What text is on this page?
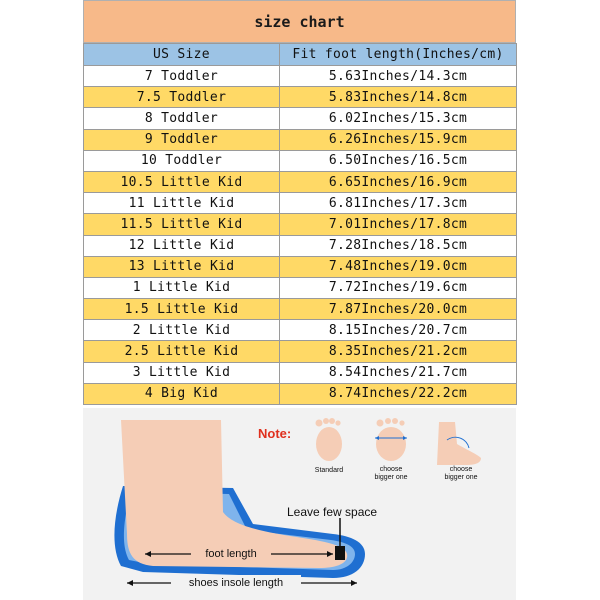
size chart
US Size	Fit foot length(Inches/cm)
7 Toddler	5.63Inches/14.3cm
7.5 Toddler	5.83Inches/14.8cm
8 Toddler	6.02Inches/15.3cm
9 Toddler	6.26Inches/15.9cm
10 Toddler	6.50Inches/16.5cm
10.5 Little Kid	6.65Inches/16.9cm
11 Little Kid	6.81Inches/17.3cm
11.5 Little Kid	7.01Inches/17.8cm
12 Little Kid	7.28Inches/18.5cm
13 Little Kid	7.48Inches/19.0cm
1 Little Kid	7.72Inches/19.6cm
1.5 Little Kid	7.87Inches/20.0cm
2 Little Kid	8.15Inches/20.7cm
2.5 Little Kid	8.35Inches/21.2cm
3 Little Kid	8.54Inches/21.7cm
4 Big Kid	8.74Inches/22.2cm
Leave few space
foot length
shoes insole length
Note:
Standard	choose
bigger one
choose
bigger one
